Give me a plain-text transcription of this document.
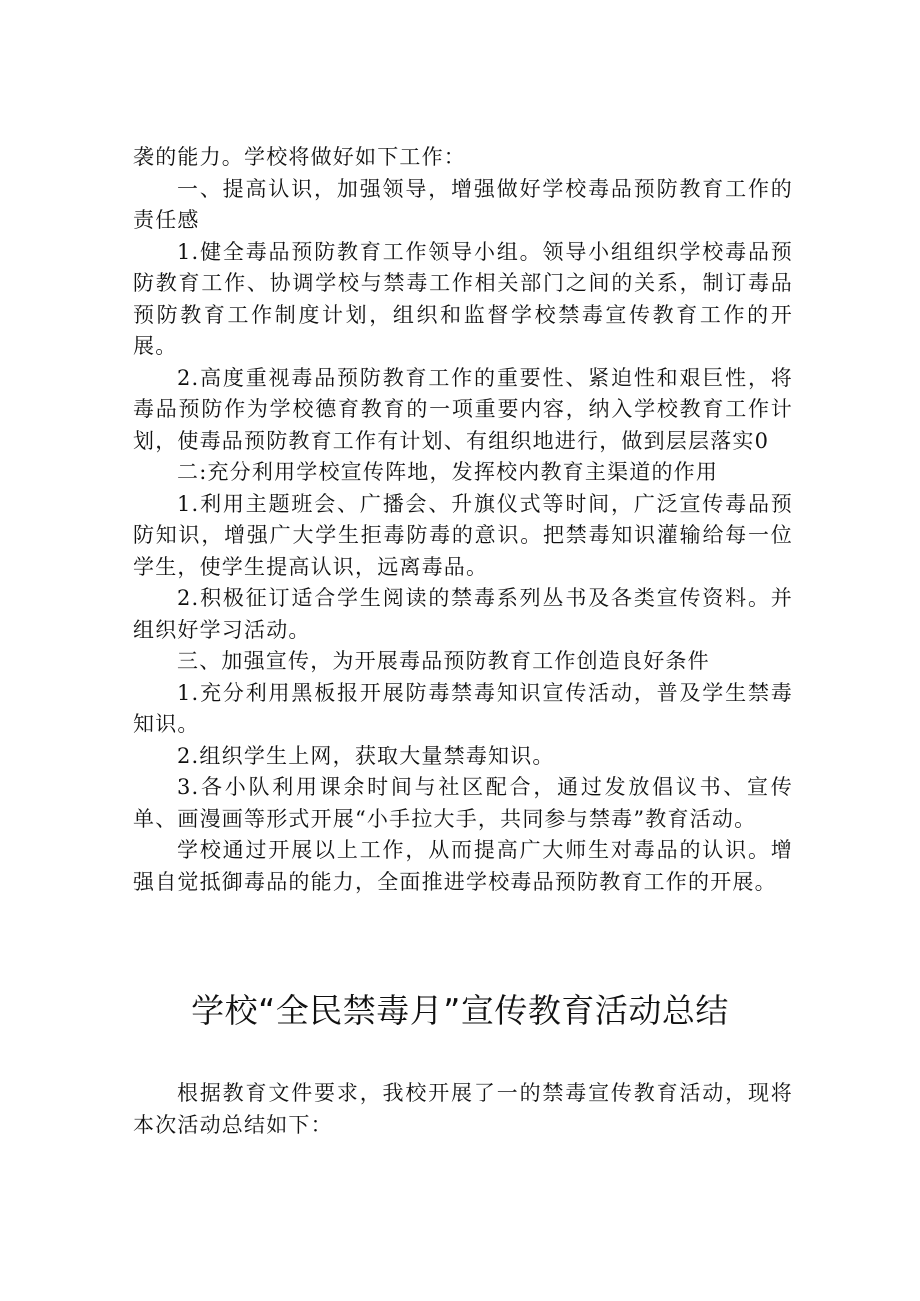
袭的能力。学校将做好如下工作：

一、提高认识，加强领导，增强做好学校毒品预防教育工作的责任感

1.健全毒品预防教育工作领导小组。领导小组组织学校毒品预防教育工作、协调学校与禁毒工作相关部门之间的关系，制订毒品预防教育工作制度计划，组织和监督学校禁毒宣传教育工作的开展。

2.高度重视毒品预防教育工作的重要性、紧迫性和艰巨性，将毒品预防作为学校德育教育的一项重要内容，纳入学校教育工作计划，使毒品预防教育工作有计划、有组织地进行，做到层层落实0

二:充分利用学校宣传阵地，发挥校内教育主渠道的作用

1.利用主题班会、广播会、升旗仪式等时间，广泛宣传毒品预防知识，增强广大学生拒毒防毒的意识。把禁毒知识灌输给每一位学生，使学生提高认识，远离毒品。

2.积极征订适合学生阅读的禁毒系列丛书及各类宣传资料。并组织好学习活动。

三、加强宣传，为开展毒品预防教育工作创造良好条件

1.充分利用黑板报开展防毒禁毒知识宣传活动，普及学生禁毒知识。

2.组织学生上网，获取大量禁毒知识。

3.各小队利用课余时间与社区配合，通过发放倡议书、宣传单、画漫画等形式开展“小手拉大手，共同参与禁毒”教育活动。

学校通过开展以上工作，从而提高广大师生对毒品的认识。增强自觉抵御毒品的能力，全面推进学校毒品预防教育工作的开展。

学校“全民禁毒月”宣传教育活动总结

根据教育文件要求，我校开展了一的禁毒宣传教育活动，现将本次活动总结如下：
